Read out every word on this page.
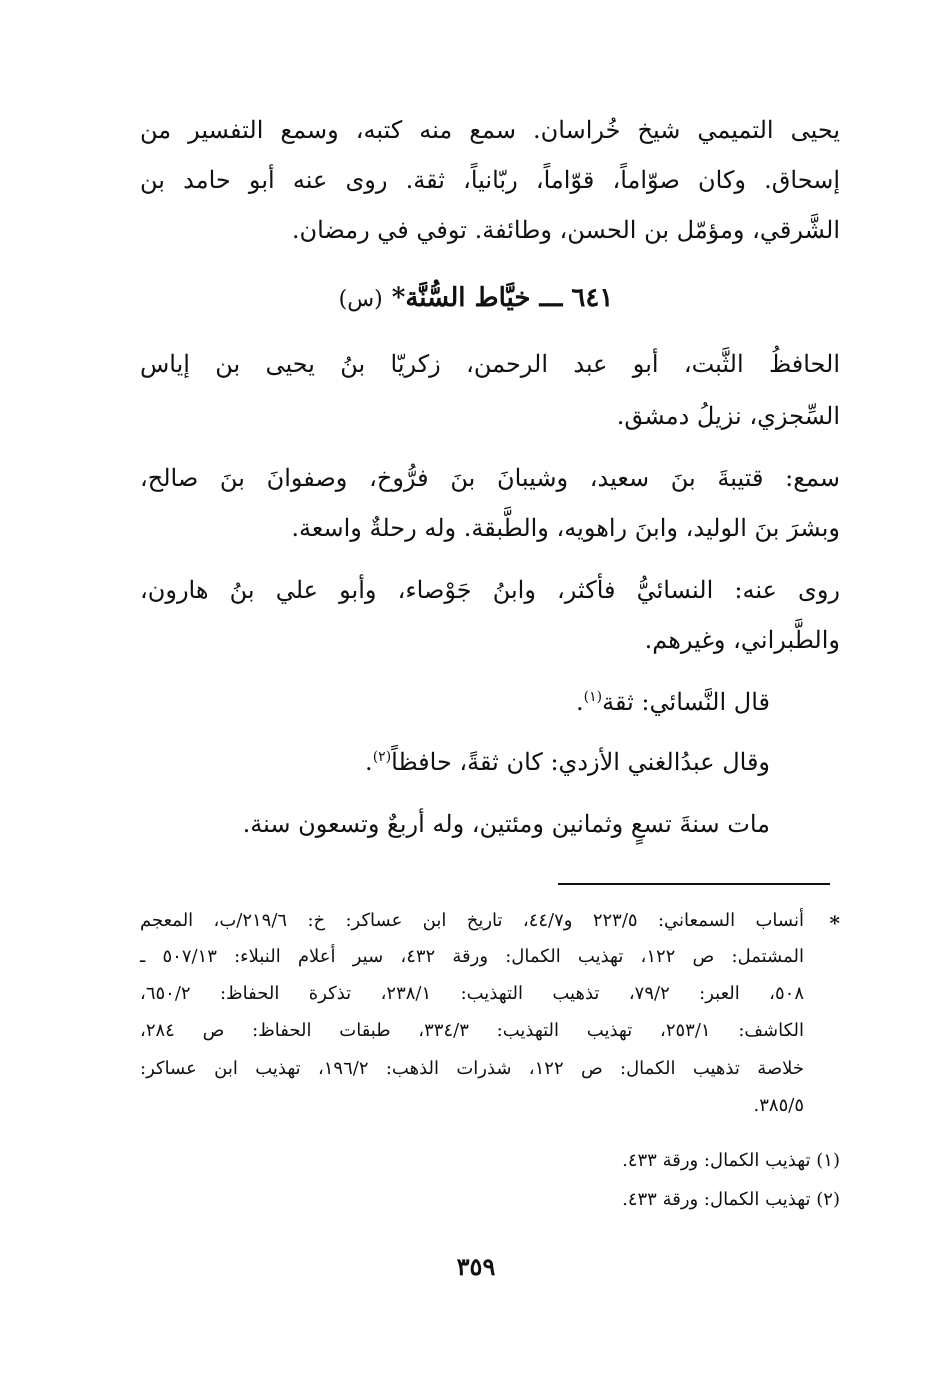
يحيى التميمي شيخ خُراسان. سمع منه كتبه، وسمع التفسير من
إسحاق. وكان صوّاماً، قوّاماً، ربّانياً، ثقة. روى عنه أبو حامد بن
الشَّرقي، ومؤمّل بن الحسن، وطائفة. توفي في رمضان.
٦٤١ ـــ خيَّاط السُّنَّة* (س)
الحافظُ الثَّبت، أبو عبد الرحمن، زكريّا بنُ يحيى بن إياس
السِّجزي، نزيلُ دمشق.
سمع: قتيبةَ بنَ سعيد، وشيبانَ بنَ فرُّوخ، وصفوانَ بنَ صالح،
وبشرَ بنَ الوليد، وابنَ راهويه، والطَّبقة. وله رحلةٌ واسعة.
روى عنه: النسائيُّ فأكثر، وابنُ جَوْصاء، وأبو علي بنُ هارون،
والطَّبراني، وغيرهم.
قال النَّسائي: ثقة$^{(١)}$.
وقال عبدُالغني الأزدي: كان ثقةً، حافظاً$^{(٢)}$.
مات سنةَ تسعٍ وثمانين ومئتين، وله أربعٌ وتسعون سنة.
*
أنساب السمعاني: ٢٢٣/٥ و٤٤/٧، تاريخ ابن عساكر: خ: ٢١٩/٦/ب، المعجم
المشتمل: ص ١٢٢، تهذيب الكمال: ورقة ٤٣٢، سير أعلام النبلاء: ٥٠٧/١٣ ـ
٥٠٨، العبر: ٧٩/٢، تذهيب التهذيب: ٢٣٨/١، تذكرة الحفاظ: ٦٥٠/٢،
الكاشف: ٢٥٣/١، تهذيب التهذيب: ٣٣٤/٣، طبقات الحفاظ: ص ٢٨٤،
خلاصة تذهيب الكمال: ص ١٢٢، شذرات الذهب: ١٩٦/٢، تهذيب ابن عساكر:
٣٨٥/٥.
(١) تهذيب الكمال: ورقة ٤٣٣.
(٢) تهذيب الكمال: ورقة ٤٣٣.
٣٥٩
